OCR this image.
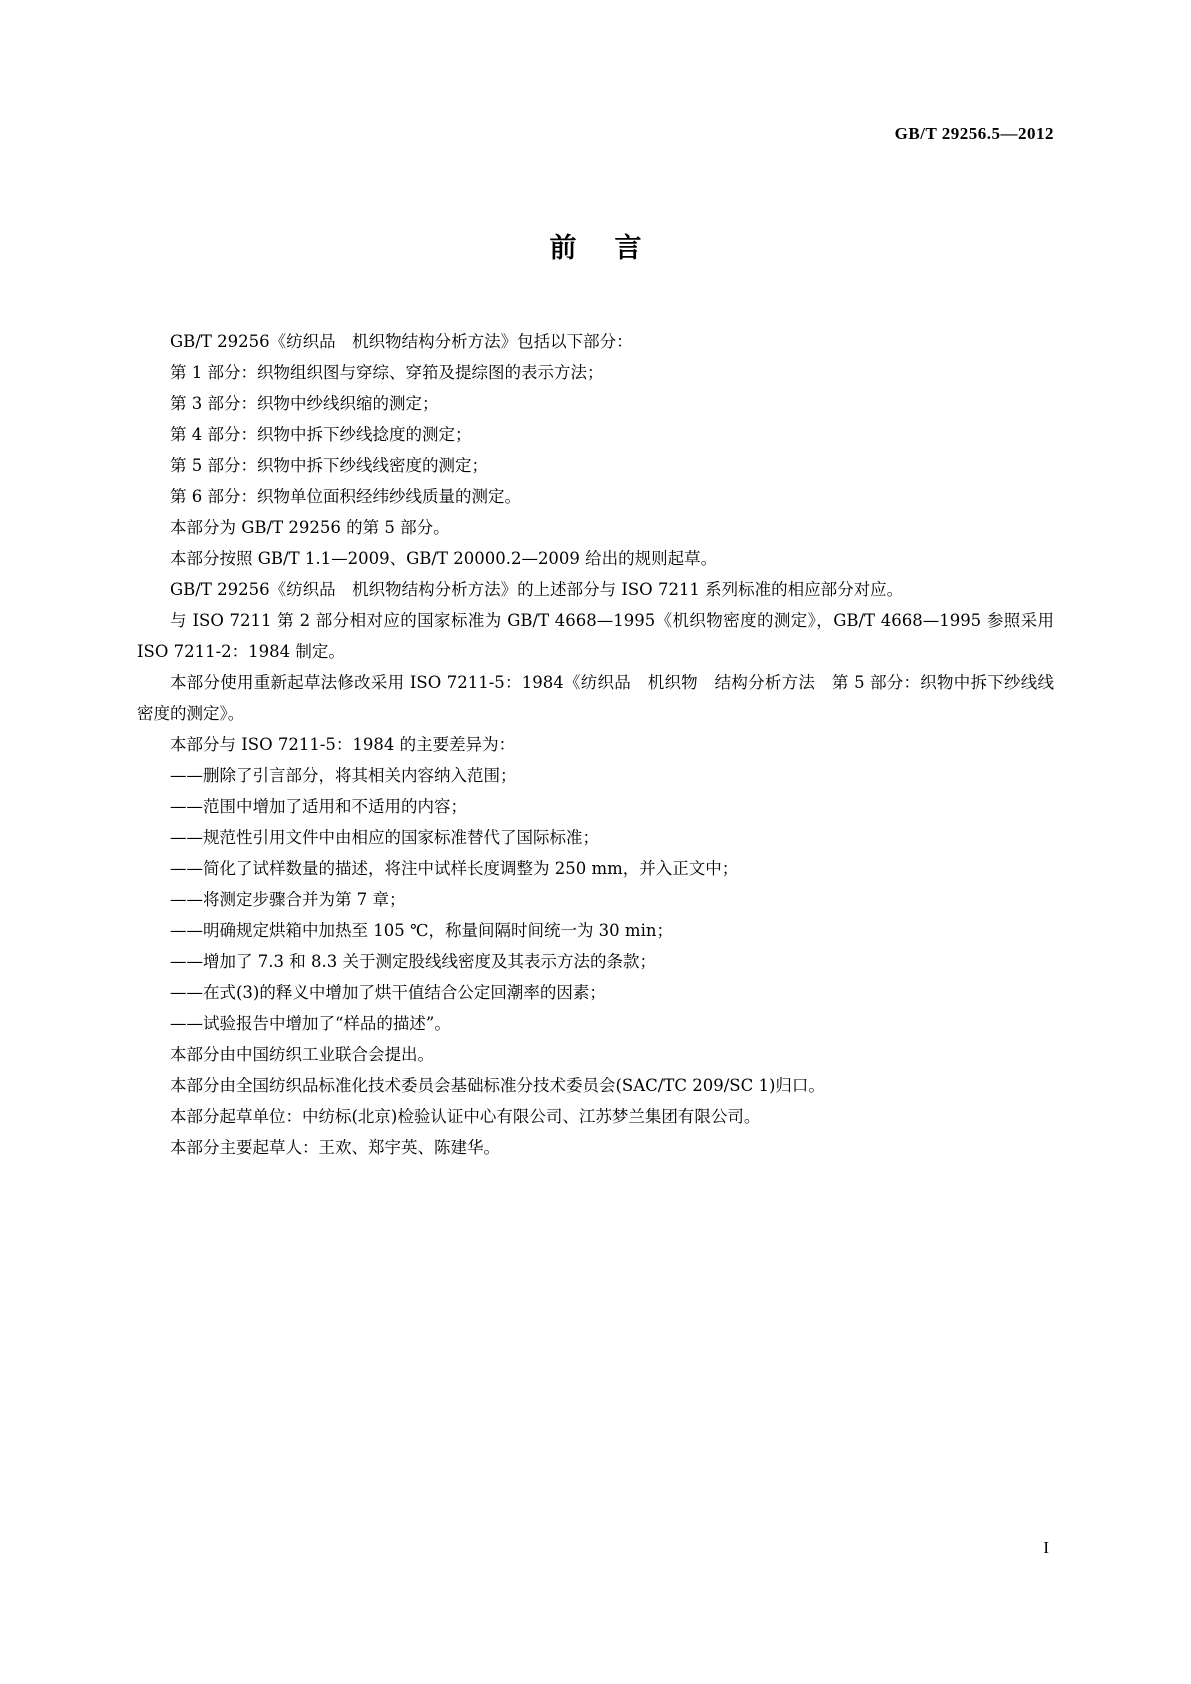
GB/T 29256.5—2012
前言

GB/T 29256《纺织品　机织物结构分析方法》包括以下部分：

第 1 部分：织物组织图与穿综、穿筘及提综图的表示方法；

第 3 部分：织物中纱线织缩的测定；

第 4 部分：织物中拆下纱线捻度的测定；

第 5 部分：织物中拆下纱线线密度的测定；

第 6 部分：织物单位面积经纬纱线质量的测定。

本部分为 GB/T 29256 的第 5 部分。

本部分按照 GB/T 1.1—2009、GB/T 20000.2—2009 给出的规则起草。

GB/T 29256《纺织品　机织物结构分析方法》的上述部分与 ISO 7211 系列标准的相应部分对应。

与 ISO 7211 第 2 部分相对应的国家标准为 GB/T 4668—1995《机织物密度的测定》，GB/T 4668—1995 参照采用 ISO 7211-2：1984 制定。

本部分使用重新起草法修改采用 ISO 7211-5：1984《纺织品　机织物　结构分析方法　第 5 部分：织物中拆下纱线线密度的测定》。

本部分与 ISO 7211-5：1984 的主要差异为：

——删除了引言部分，将其相关内容纳入范围；

——范围中增加了适用和不适用的内容；

——规范性引用文件中由相应的国家标准替代了国际标准；

——简化了试样数量的描述，将注中试样长度调整为 250 mm，并入正文中；

——将测定步骤合并为第 7 章；

——明确规定烘箱中加热至 105 ℃，称量间隔时间统一为 30 min；

——增加了 7.3 和 8.3 关于测定股线线密度及其表示方法的条款；

——在式(3)的释义中增加了烘干值结合公定回潮率的因素；

——试验报告中增加了“样品的描述”。

本部分由中国纺织工业联合会提出。

本部分由全国纺织品标准化技术委员会基础标准分技术委员会(SAC/TC 209/SC 1)归口。

本部分起草单位：中纺标(北京)检验认证中心有限公司、江苏梦兰集团有限公司。

本部分主要起草人：王欢、郑宇英、陈建华。

I
